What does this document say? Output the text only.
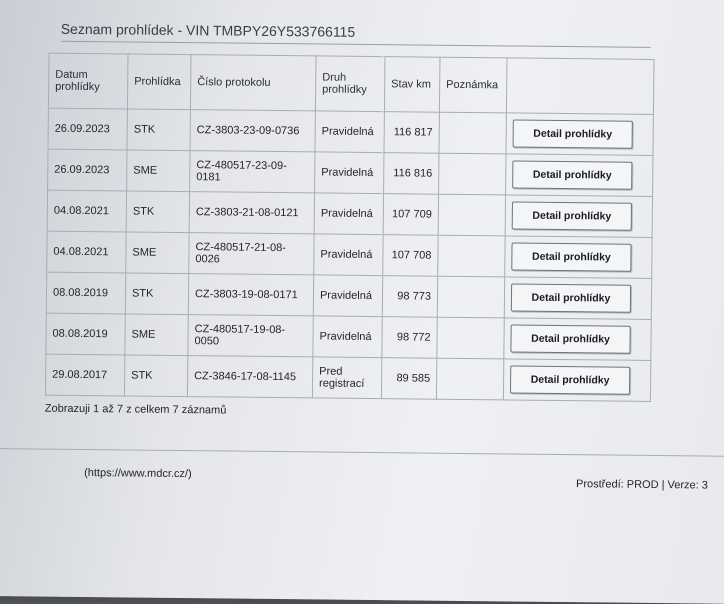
Seznam prohlídek - VIN TMBPY26Y533766115
Datum prohlídky	Prohlídka	Číslo protokolu	Druh prohlídky	Stav km	Poznámka	
26.09.2023	STK	CZ-3803-23-09-0736	Pravidelná	116 817		Detail prohlídky
26.09.2023	SME	CZ-480517-23-09-0181	Pravidelná	116 816		Detail prohlídky
04.08.2021	STK	CZ-3803-21-08-0121	Pravidelná	107 709		Detail prohlídky
04.08.2021	SME	CZ-480517-21-08-0026	Pravidelná	107 708		Detail prohlídky
08.08.2019	STK	CZ-3803-19-08-0171	Pravidelná	98 773		Detail prohlídky
08.08.2019	SME	CZ-480517-19-08-0050	Pravidelná	98 772		Detail prohlídky
29.08.2017	STK	CZ-3846-17-08-1145	Pred registrací	89 585		Detail prohlídky
Zobrazuji 1 až 7 z celkem 7 záznamů
(https://www.mdcr.cz/)
Prostředí: PROD | Verze: 3
